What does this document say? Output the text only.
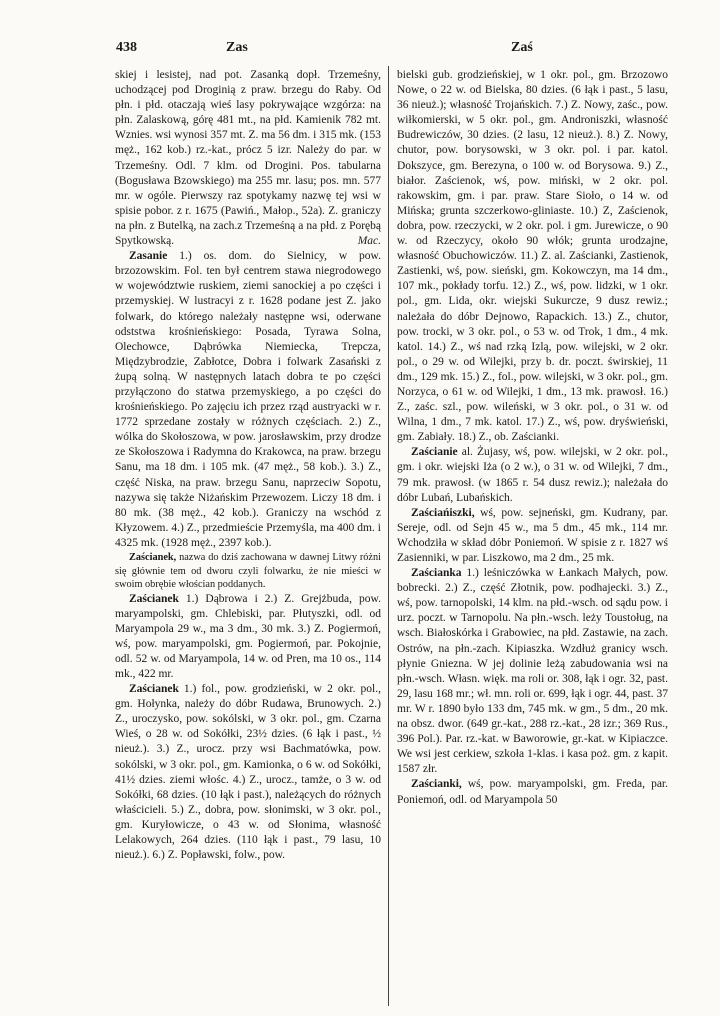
438	Zas	Zaś

skiej i lesistej, nad pot. Zasanką dopł. Trzemeśny, uchodzącej pod Droginią z praw. brzegu do Raby. Od płn. i płd. otaczają wieś lasy pokrywające wzgórza: na płn. Zalaskową, górę 481 mt., na płd. Kamienik 782 mt. Wznies. wsi wynosi 357 mt. Z. ma 56 dm. i 315 mk. (153 męż., 162 kob.) rz.-kat., prócz 5 izr. Należy do par. w Trzemeśny. Odl. 7 klm. od Drogini. Pos. tabularna (Bogusława Bzowskiego) ma 255 mr. lasu; pos. mn. 577 mr. w ogóle. Pierwszy raz spotykamy nazwę tej wsi w spisie pobor. z r. 1675 (Pawiń., Małop., 52a). Z. graniczy na płn. z Butelką, na zach.z Trzemeśną a na płd. z Porębą Spytkowską.	Mac.

Zasanie 1.) os. dom. do Sielnicy, w pow. brzozowskim. Fol. ten był centrem stawa niegrodowego w województwie ruskiem, ziemi sanockiej a po części i przemyskiej. W lustracyi z r. 1628 podane jest Z. jako folwark, do którego należały następne wsi, oderwane odststwa krośnieńskiego: Posada, Tyrawa Solna, Olechowce, Dąbrówka Niemiecka, Trepcza, Międzybrodzie, Zabłotce, Dobra i folwark Zasański z żupą solną. W następnych latach dobra te po części przyłączono do statwa przemyskiego, a po części do krośnieńskiego. Po zajęciu ich przez rząd austryacki w r. 1772 sprzedane zostały w różnych częściach. 2.) Z., wólka do Skołoszowa, w pow. jarosławskim, przy drodze ze Skołoszowa i Radymna do Krakowca, na praw. brzegu Sanu, ma 18 dm. i 105 mk. (47 męż., 58 kob.). 3.) Z., część Niska, na praw. brzegu Sanu, naprzeciw Sopotu, nazywa się także Niżańskim Przewozem. Liczy 18 dm. i 80 mk. (38 męż., 42 kob.). Graniczy na wschód z Kłyzowem. 4.) Z., przedmieście Przemyśla, ma 400 dm. i 4325 mk. (1928 męż., 2397 kob.).

Zaścianek, nazwa do dziś zachowana w dawnej Litwy różni się głównie tem od dworu czyli folwarku, że nie mieści w swoim obrębie włościan poddanych.

Zaścianek 1.) Dąbrowa i 2.) Z. Grejżbuda, pow. maryampolski, gm. Chlebiski, par. Płutyszki, odl. od Maryampola 29 w., ma 3 dm., 30 mk. 3.) Z. Pogiermoń, wś, pow. maryampolski, gm. Pogiermoń, par. Pokojnie, odl. 52 w. od Maryampola, 14 w. od Pren, ma 10 os., 114 mk., 422 mr.

Zaścianek 1.) fol., pow. grodzieński, w 2 okr. pol., gm. Hołynka, należy do dóbr Rudawa, Brunowych. 2.) Z., uroczysko, pow. sokólski, w 3 okr. pol., gm. Czarna Wieś, o 28 w. od Sokółki, 23½ dzies. (6 łąk i past., ½ nieuż.). 3.) Z., urocz. przy wsi Bachmatówka, pow. sokólski, w 3 okr. pol., gm. Kamionka, o 6 w. od Sokółki, 41½ dzies. ziemi włośc. 4.) Z., urocz., tamże, o 3 w. od Sokółki, 68 dzies. (10 łąk i past.), należących do różnych właścicieli. 5.) Z., dobra, pow. słonimski, w 3 okr. pol., gm. Kuryłowicze, o 43 w. od Słonima, własność Lelakowych, 264 dzies. (110 łąk i past., 79 lasu, 10 nieuż.). 6.) Z. Popławski, folw., pow.

bielski gub. grodzieńskiej, w 1 okr. pol., gm. Brzozowo Nowe, o 22 w. od Bielska, 80 dzies. (6 łąk i past., 5 lasu, 36 nieuż.); własność Trojańskich. 7.) Z. Nowy, zaśc., pow. wiłkomierski, w 5 okr. pol., gm. Androniszki, własność Budrewiczów, 30 dzies. (2 lasu, 12 nieuż.). 8.) Z. Nowy, chutor, pow. borysowski, w 3 okr. pol. i par. katol. Dokszyce, gm. Berezyna, o 100 w. od Borysowa. 9.) Z., białor. Zaścienok, wś, pow. miński, w 2 okr. pol. rakowskim, gm. i par. praw. Stare Sioło, o 14 w. od Mińska; grunta szczerkowo-gliniaste. 10.) Z, Zaścienok, dobra, pow. rzeczycki, w 2 okr. pol. i gm. Jurewicze, o 90 w. od Rzeczycy, około 90 włók; grunta urodzajne, własność Obuchowiczów. 11.) Z. al. Zaścianki, Zastienok, Zastienki, wś, pow. sieński, gm. Kokowczyn, ma 14 dm., 107 mk., pokłady torfu. 12.) Z., wś, pow. lidzki, w 1 okr. pol., gm. Lida, okr. wiejski Sukurcze, 9 dusz rewiz.; należała do dóbr Dejnowo, Rapackich. 13.) Z., chutor, pow. trocki, w 3 okr. pol., o 53 w. od Trok, 1 dm., 4 mk. katol. 14.) Z., wś nad rzką Izlą, pow. wilejski, w 2 okr. pol., o 29 w. od Wilejki, przy b. dr. poczt. świrskiej, 11 dm., 129 mk. 15.) Z., fol., pow. wilejski, w 3 okr. pol., gm. Norzyca, o 61 w. od Wilejki, 1 dm., 13 mk. prawosł. 16.) Z., zaśc. szl., pow. wileński, w 3 okr. pol., o 31 w. od Wilna, 1 dm., 7 mk. katol. 17.) Z., wś, pow. dryświeński, gm. Zabiały. 18.) Z., ob. Zaścianki.

Zaścianie al. Żujasy, wś, pow. wilejski, w 2 okr. pol., gm. i okr. wiejski Iża (o 2 w.), o 31 w. od Wilejki, 7 dm., 79 mk. prawosł. (w 1865 r. 54 dusz rewiz.); należała do dóbr Lubań, Lubańskich.

Zaściańiszki, wś, pow. sejneński, gm. Kudrany, par. Sereje, odl. od Sejn 45 w., ma 5 dm., 45 mk., 114 mr. Wchodziła w skład dóbr Poniemoń. W spisie z r. 1827 wś Zasienniki, w par. Liszkowo, ma 2 dm., 25 mk.

Zaścianka 1.) leśniczówka w Łankach Małych, pow. bobrecki. 2.) Z., część Złotnik, pow. podhajecki. 3.) Z., wś, pow. tarnopolski, 14 klm. na płd.-wsch. od sądu pow. i urz. poczt. w Tarnopolu. Na płn.-wsch. leży Toustoług, na wsch. Białoskórka i Grabowiec, na płd. Zastawie, na zach. Ostrów, na płn.-zach. Kipiaszka. Wzdłuż granicy wsch. płynie Gniezna. W jej dolinie leżą zabudowania wsi na płn.-wsch. Własn. więk. ma roli or. 308, łąk i ogr. 32, past. 29, lasu 168 mr.; wł. mn. roli or. 699, łąk i ogr. 44, past. 37 mr. W r. 1890 było 133 dm, 745 mk. w gm., 5 dm., 20 mk. na obsz. dwor. (649 gr.-kat., 288 rz.-kat., 28 izr.; 369 Rus., 396 Pol.). Par. rz.-kat. w Baworowie, gr.-kat. w Kipiaczce. We wsi jest cerkiew, szkoła 1-klas. i kasa poż. gm. z kapit. 1587 złr.

Zaścianki, wś, pow. maryampolski, gm. Freda, par. Poniemoń, odl. od Maryampola 50
